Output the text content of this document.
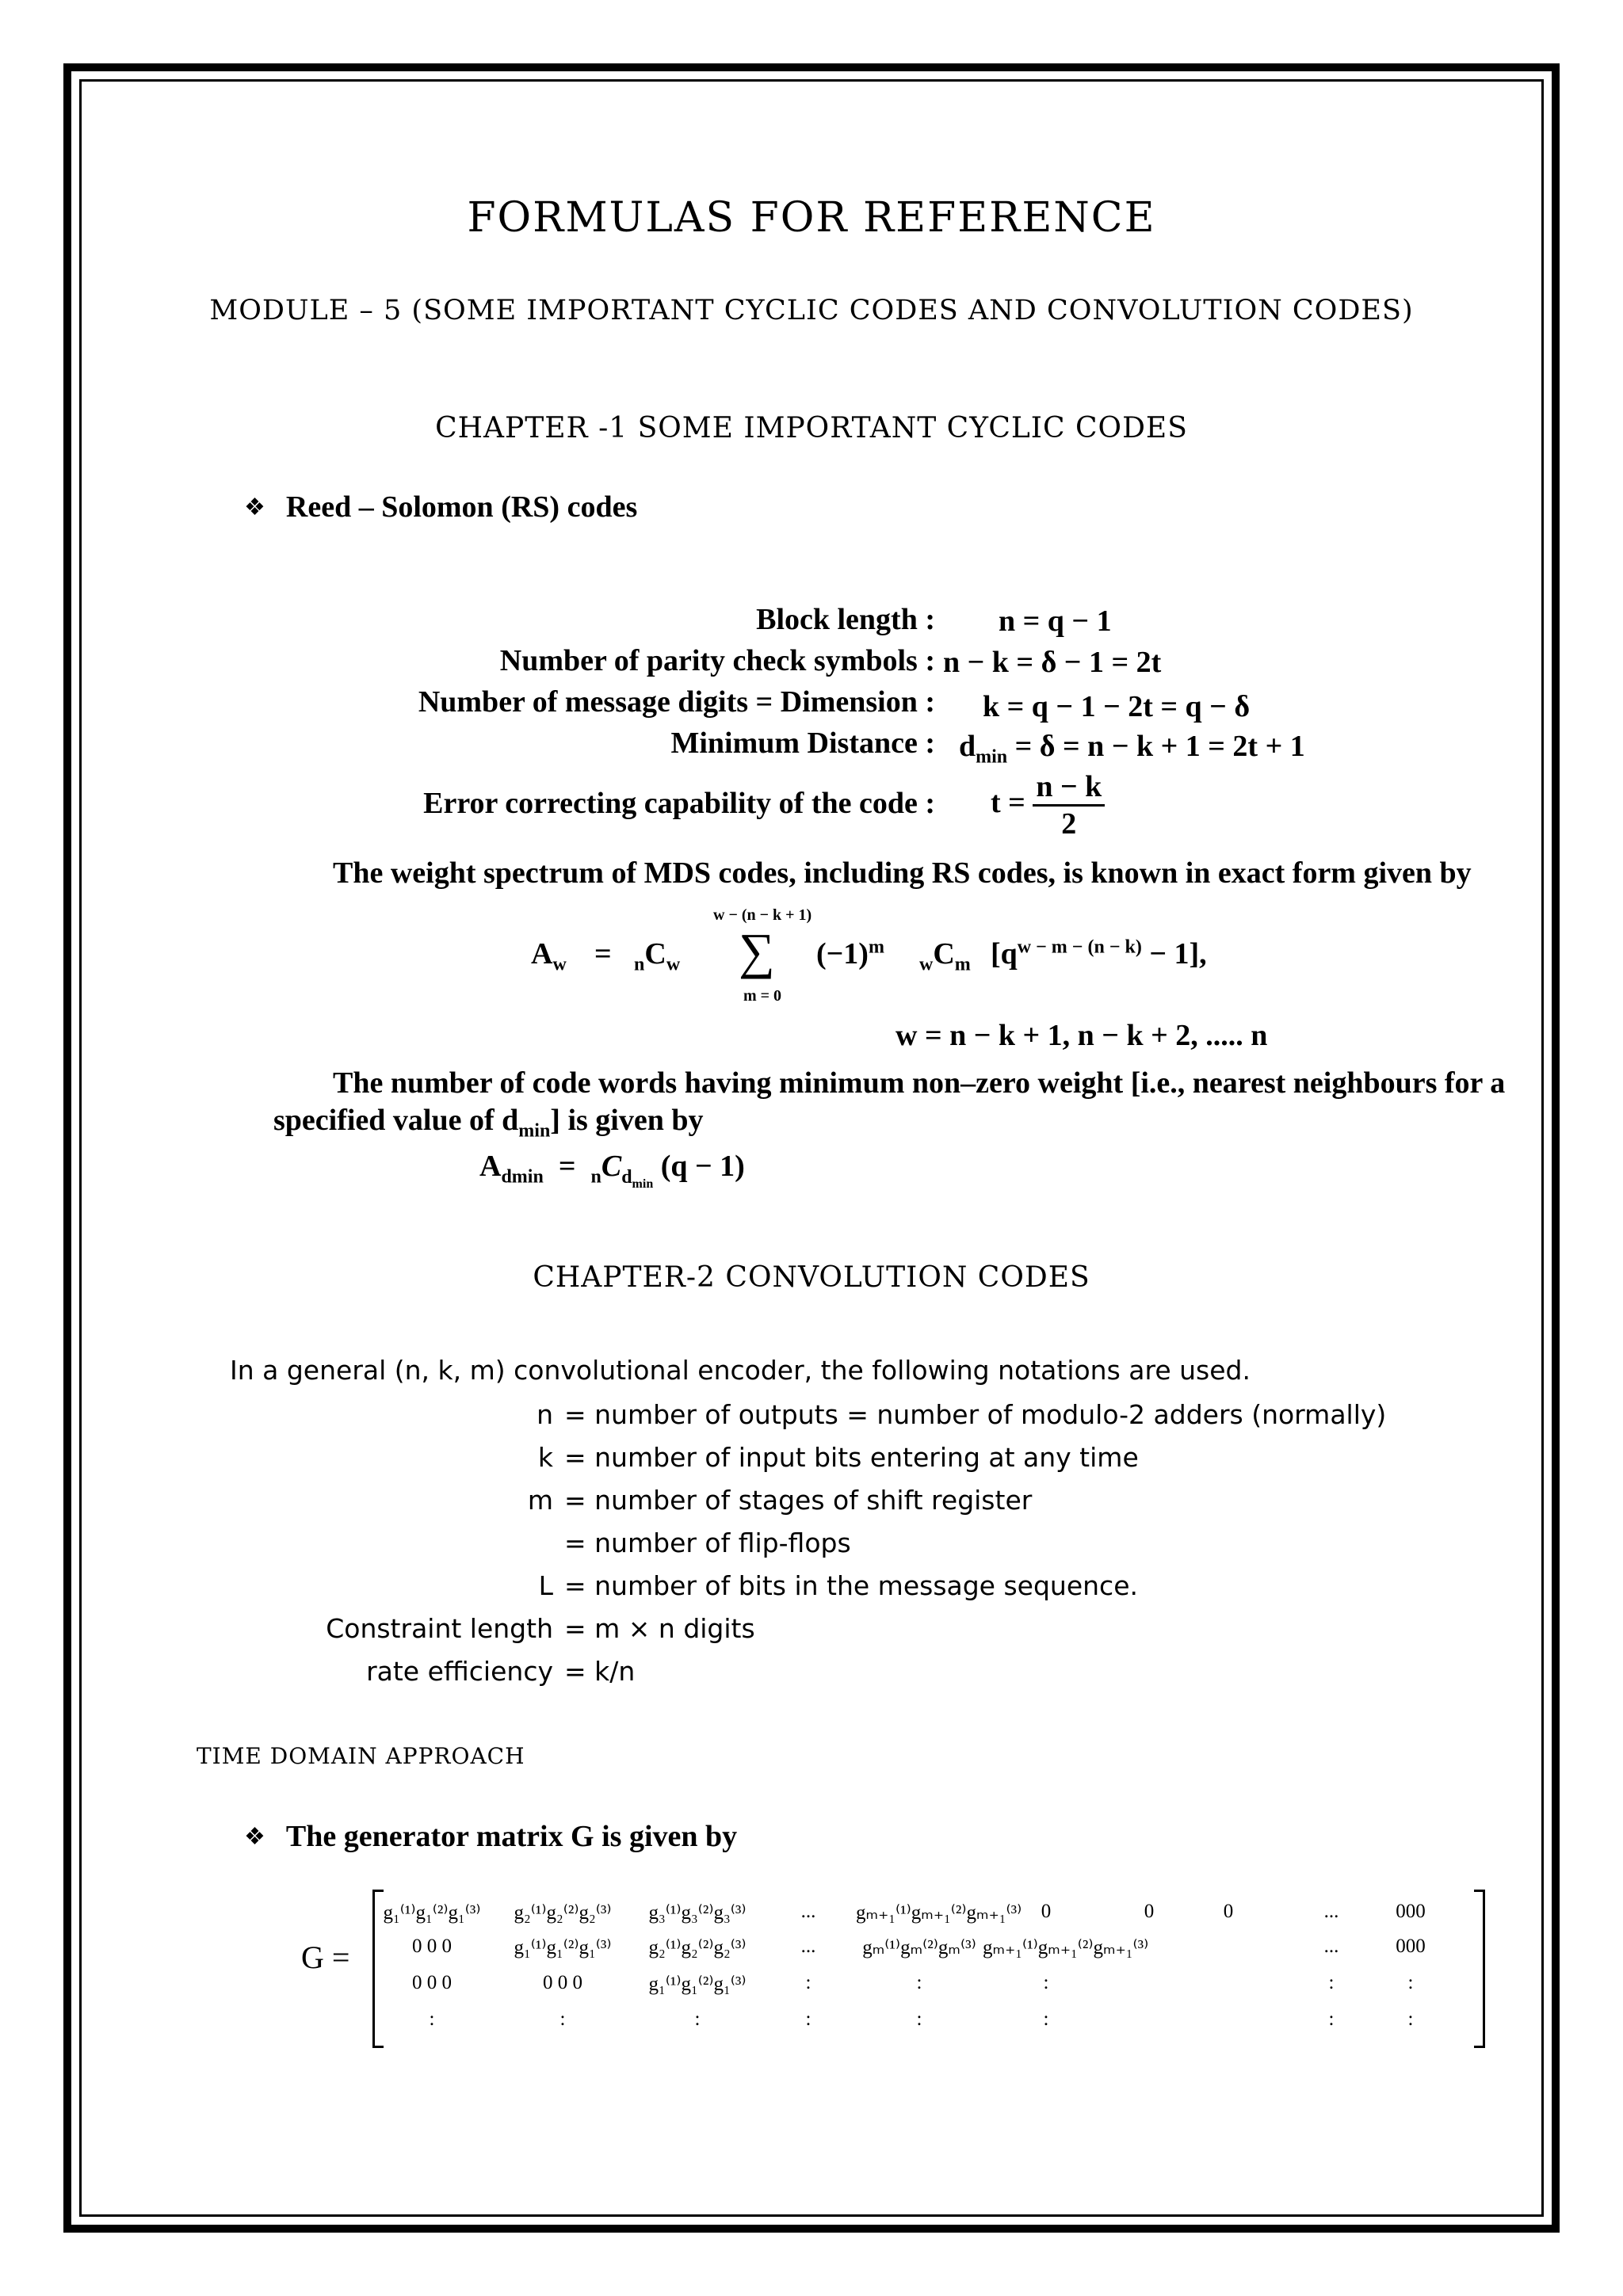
FORMULAS FOR REFERENCE
MODULE – 5 (SOME IMPORTANT CYCLIC CODES AND CONVOLUTION CODES)
CHAPTER -1 SOME IMPORTANT CYCLIC CODES
❖ Reed – Solomon (RS) codes
Block length : n = q − 1
Number of parity check symbols : n − k = δ − 1 = 2t
Number of message digits = Dimension : k = q − 1 − 2t = q − δ
Minimum Distance : $d_{min} = \delta = n - k + 1 = 2t + 1$
Error correcting capability of the code : $t = \frac{n - k}{2}$
The weight spectrum of MDS codes, including RS codes, is known in exact form given by
$A_w = _nC_w$
w − (n − k + 1)
∑
m = 0
$(-1)^m$
$_wC_m$ $[q^{w - m - (n - k)} - 1]$,
w = n − k + 1, n − k + 2, ..... n
The number of code words having minimum non–zero weight [i.e., nearest neighbours for a
specified value of $d_{min}$] is given by
$A_{dmin} = _nC_{d_{min}}$ (q − 1)
CHAPTER-2 CONVOLUTION CODES
In a general (n, k, m) convolutional encoder, the following notations are used.
n = number of outputs = number of modulo-2 adders (normally)
k = number of input bits entering at any time
m = number of stages of shift register
= number of flip-flops
L = number of bits in the message sequence.
Constraint length = m × n digits
rate efficiency = k/n
TIME DOMAIN APPROACH
❖ The generator matrix G is given by
G =
g₁⁽¹⁾g₁⁽²⁾g₁⁽³⁾	g₂⁽¹⁾g₂⁽²⁾g₂⁽³⁾	g₃⁽¹⁾g₃⁽²⁾g₃⁽³⁾	...	gₘ₊₁⁽¹⁾gₘ₊₁⁽²⁾gₘ₊₁⁽³⁾ 0	0	0	...	000
0 0 0	g₁⁽¹⁾g₁⁽²⁾g₁⁽³⁾	g₂⁽¹⁾g₂⁽²⁾g₂⁽³⁾	...	gₘ⁽¹⁾gₘ⁽²⁾gₘ⁽³⁾ gₘ₊₁⁽¹⁾gₘ₊₁⁽²⁾gₘ₊₁⁽³⁾	...	000
0 0 0	0 0 0	g₁⁽¹⁾g₁⁽²⁾g₁⁽³⁾	:	:	:	:	:
:	:	:	:	:	:	:	:
